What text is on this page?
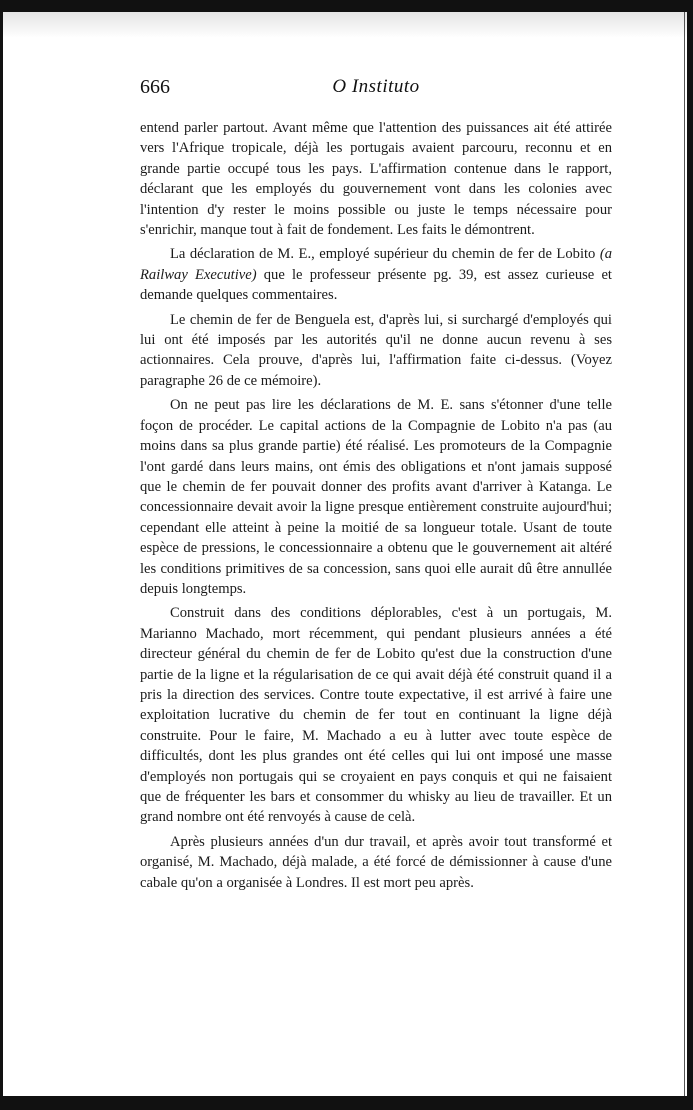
666	O Instituto

entend parler partout. Avant même que l'attention des puissances ait été attirée vers l'Afrique tropicale, déjà les portugais avaient parcouru, reconnu et en grande partie occupé tous les pays. L'affirmation contenue dans le rapport, déclarant que les employés du gouvernement vont dans les colonies avec l'intention d'y rester le moins possible ou juste le temps nécessaire pour s'enrichir, manque tout à fait de fondement. Les faits le démontrent.

La déclaration de M. E., employé supérieur du chemin de fer de Lobito (a Railway Executive) que le professeur présente pg. 39, est assez curieuse et demande quelques commentaires.

Le chemin de fer de Benguela est, d'après lui, si surchargé d'employés qui lui ont été imposés par les autorités qu'il ne donne aucun revenu à ses actionnaires. Cela prouve, d'après lui, l'affirmation faite ci-dessus. (Voyez paragraphe 26 de ce mémoire).

On ne peut pas lire les déclarations de M. E. sans s'étonner d'une telle foçon de procéder. Le capital actions de la Compagnie de Lobito n'a pas (au moins dans sa plus grande partie) été réalisé. Les promoteurs de la Compagnie l'ont gardé dans leurs mains, ont émis des obligations et n'ont jamais supposé que le chemin de fer pouvait donner des profits avant d'arriver à Katanga. Le concessionnaire devait avoir la ligne presque entièrement construite aujourd'hui; cependant elle atteint à peine la moitié de sa longueur totale. Usant de toute espèce de pressions, le concessionnaire a obtenu que le gouvernement ait altéré les conditions primitives de sa concession, sans quoi elle aurait dû être annullée depuis longtemps.

Construit dans des conditions déplorables, c'est à un portugais, M. Marianno Machado, mort récemment, qui pendant plusieurs années a été directeur général du chemin de fer de Lobito qu'est due la construction d'une partie de la ligne et la régularisation de ce qui avait déjà été construit quand il a pris la direction des services. Contre toute expectative, il est arrivé à faire une exploitation lucrative du chemin de fer tout en continuant la ligne déjà construite. Pour le faire, M. Machado a eu à lutter avec toute espèce de difficultés, dont les plus grandes ont été celles qui lui ont imposé une masse d'employés non portugais qui se croyaient en pays conquis et qui ne faisaient que de fréquenter les bars et consommer du whisky au lieu de travailler. Et un grand nombre ont été renvoyés à cause de celà.

Après plusieurs années d'un dur travail, et après avoir tout transformé et organisé, M. Machado, déjà malade, a été forcé de démissionner à cause d'une cabale qu'on a organisée à Londres. Il est mort peu après.
